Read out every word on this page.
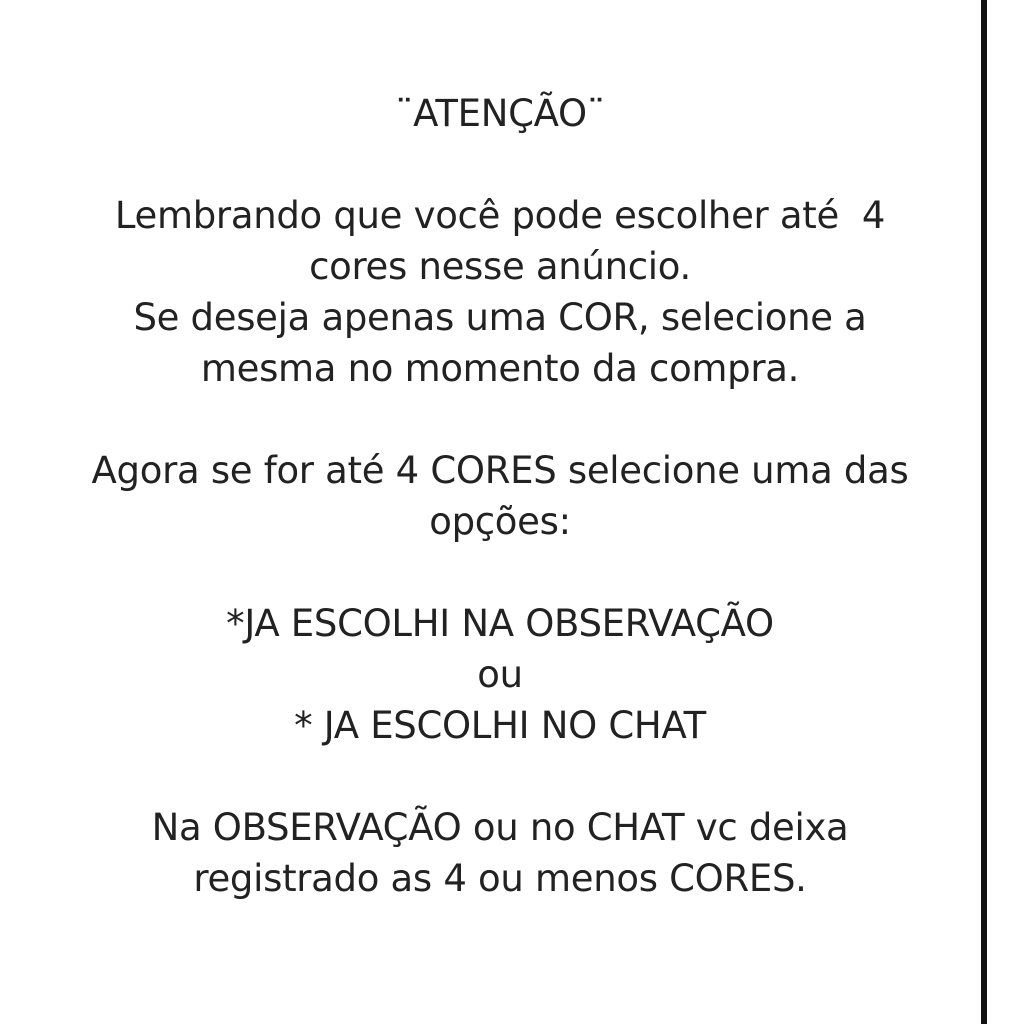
¨ATENÇÃO¨
Lembrando que você pode escolher até  4
cores nesse anúncio.
Se deseja apenas uma COR, selecione a
mesma no momento da compra.
Agora se for até 4 CORES selecione uma das
opções:
*JA ESCOLHI NA OBSERVAÇÃO
ou
* JA ESCOLHI NO CHAT
Na OBSERVAÇÃO ou no CHAT vc deixa
registrado as 4 ou menos CORES.
